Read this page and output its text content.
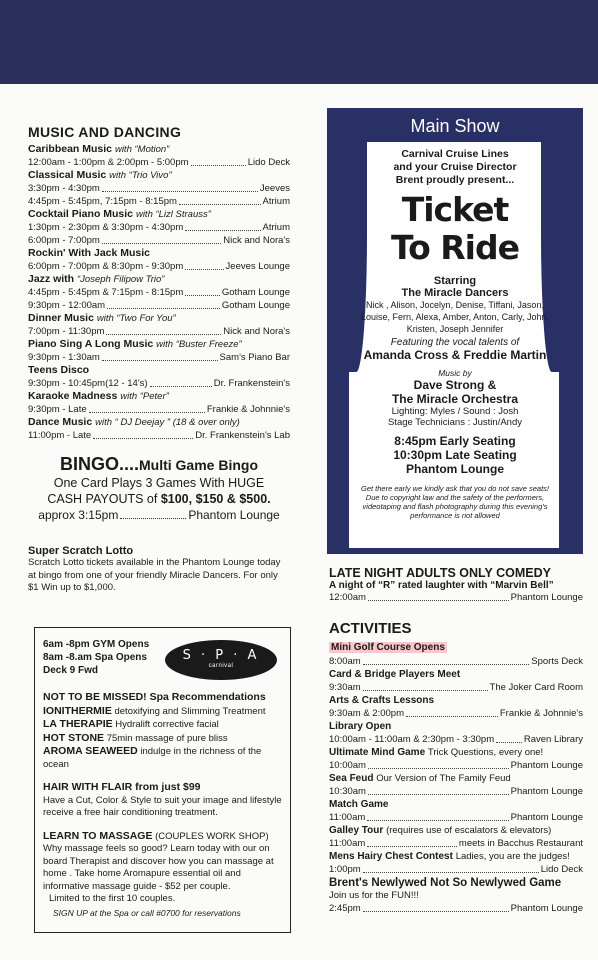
MUSIC AND DANCING
Caribbean Music with “Motion”
12:00am - 1:00pm & 2:00pm - 5:00pm	Lido Deck
Classical Music with “Trio Vivo”
3:30pm - 4:30pm	Jeeves
4:45pm - 5:45pm, 7:15pm - 8:15pm	Atrium
Cocktail Piano Music with “Lizl Strauss”
1:30pm - 2:30pm & 3:30pm - 4:30pm	Atrium
6:00pm - 7:00pm	Nick and Nora's
Rockin' With Jack Music
6:00pm - 7:00pm & 8:30pm - 9:30pm	Jeeves Lounge
Jazz with “Joseph Filipow Trio”
4:45pm - 5:45pm & 7:15pm - 8:15pm	Gotham Lounge
9:30pm - 12:00am	Gotham Lounge
Dinner Music with “Two For You”
7:00pm - 11:30pm	Nick and Nora's
Piano Sing A Long Music with “Buster Freeze”
9:30pm - 1:30am	Sam's Piano Bar
Teens Disco
9:30pm - 10:45pm(12 - 14's)	Dr. Frankenstein's
Karaoke Madness with “Peter”
9:30pm - Late	Frankie & Johnnie's
Dance Music with “ DJ Deejay ” (18 & over only)
11:00pm - Late	Dr. Frankenstein's Lab
BINGO....Multi Game Bingo
One Card Plays 3 Games With HUGE
CASH PAYOUTS of $100, $150 & $500.
approx 3:15pm	Phantom Lounge
Super Scratch Lotto
Scratch Lotto tickets available in the Phantom Lounge today at bingo from one of your friendly Miracle Dancers. For only $1 Win up to $1,000.
6am -8pm GYM Opens
8am -8.am Spa Opens
Deck 9 Fwd
S · P · A
carnival
NOT TO BE MISSED! Spa Recommendations
IONITHERMIE detoxifying and Slimming Treatment
LA THERAPIE Hydralift corrective facial
HOT STONE 75min massage of pure bliss
AROMA SEAWEED indulge in the richness of the ocean
HAIR WITH FLAIR from just $99
Have a Cut, Color & Style to suit your image and lifestyle receive a free hair conditioning treatment.
LEARN TO MASSAGE (COUPLES WORK SHOP)
Why massage feels so good? Learn today with our on board Therapist and discover how you can massage at home . Take home Aromapure essential oil and informative massage guide - $52 per couple.
Limited to the first 10 couples.
SIGN UP at the Spa or call #0700 for reservations
Main Show
Carnival Cruise Lines
and your Cruise Director
Brent proudly present...
Ticket
To Ride
Starring
The Miracle Dancers
Nick , Alison, Jocelyn, Denise, Tiffani, Jason, Louise, Fern, Alexa, Amber, Anton, Carly, John, Kristen, Joseph Jennifer
Featuring the vocal talents of
Amanda Cross & Freddie Martin
Music by
Dave Strong &
The Miracle Orchestra
Lighting: Myles / Sound : Josh
Stage Technicians : Justin/Andy
8:45pm Early Seating
10:30pm Late Seating
Phantom Lounge
Get there early we kindly ask that you do not save seats! Due to copyright law and the safety of the performers, videotaping and flash photography during this evening's performance is not allowed
LATE NIGHT ADULTS ONLY COMEDY
A night of “R” rated laughter with “Marvin Bell”
12:00am	Phantom Lounge
ACTIVITIES
Mini Golf Course Opens
8:00am	Sports Deck
Card & Bridge Players Meet
9:30am	The Joker Card Room
Arts & Crafts Lessons
9:30am & 2:00pm	Frankie & Johnnie's
Library Open
10:00am - 11:00am & 2:30pm - 3:30pm	Raven Library
Ultimate Mind Game Trick Questions, every one!
10:00am	Phantom Lounge
Sea Feud Our Version of The Family Feud
10:30am	Phantom Lounge
Match Game
11:00am	Phantom Lounge
Galley Tour (requires use of escalators & elevators)
11:00am	meets in Bacchus Restaurant
Mens Hairy Chest Contest Ladies, you are the judges!
1:00pm	Lido Deck
Brent's Newlywed Not So Newlywed Game
Join us for the FUN!!!
2:45pm	Phantom Lounge
